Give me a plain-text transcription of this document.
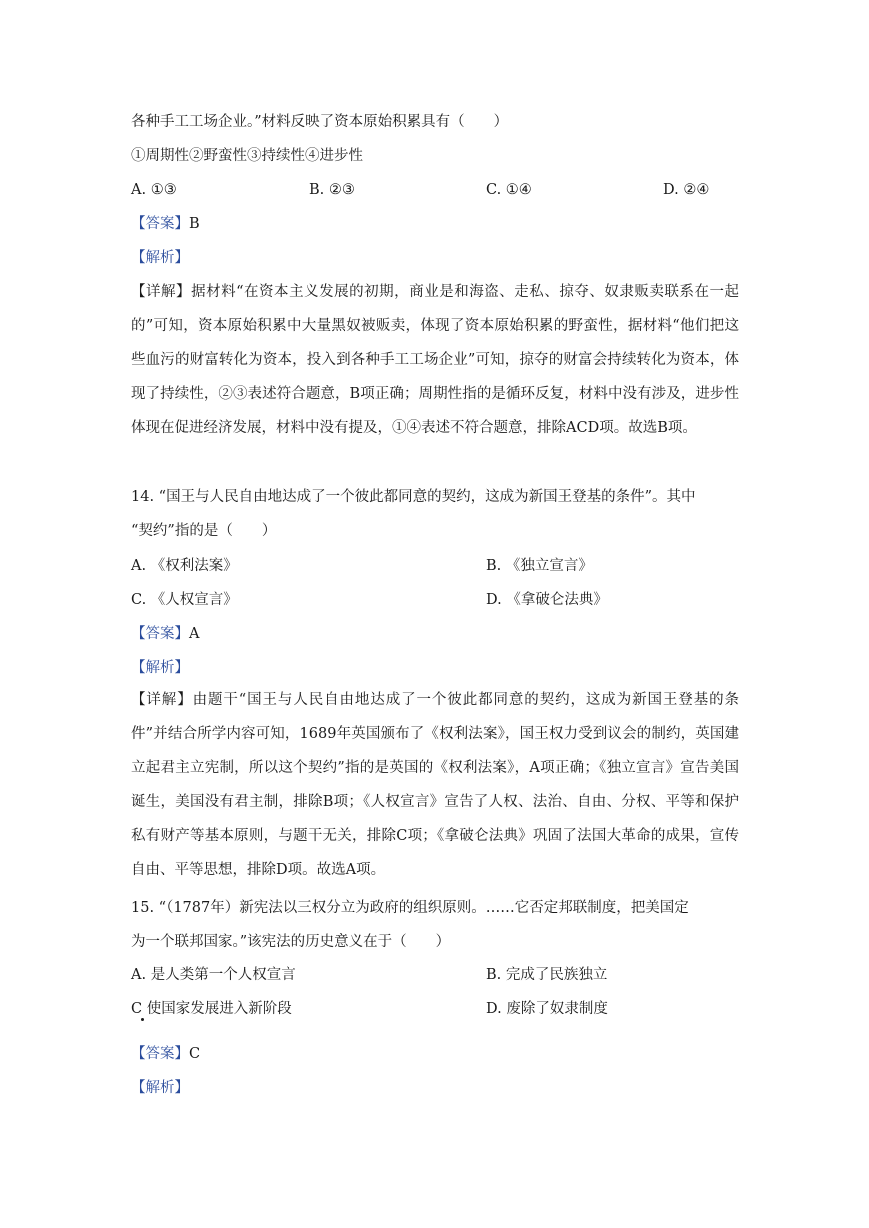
各种手工工场企业。”材料反映了资本原始积累具有（　　）
①周期性②野蛮性③持续性④进步性
A. ①③	B. ②③	C. ①④	D. ②④
【答案】B
【解析】
【详解】据材料“在资本主义发展的初期，商业是和海盗、走私、掠夺、奴隶贩卖联系在一起的”可知，资本原始积累中大量黑奴被贩卖，体现了资本原始积累的野蛮性，据材料“他们把这些血污的财富转化为资本，投入到各种手工工场企业”可知，掠夺的财富会持续转化为资本，体现了持续性，②③表述符合题意，B项正确；周期性指的是循环反复，材料中没有涉及，进步性体现在促进经济发展，材料中没有提及，①④表述不符合题意，排除ACD项。故选B项。
14. “国王与人民自由地达成了一个彼此都同意的契约，这成为新国王登基的条件”。其中
“契约”指的是（　　）
A. 《权利法案》	B. 《独立宣言》
C. 《人权宣言》	D. 《拿破仑法典》
【答案】A
【解析】
【详解】由题干“国王与人民自由地达成了一个彼此都同意的契约，这成为新国王登基的条件”并结合所学内容可知，1689年英国颁布了《权利法案》，国王权力受到议会的制约，英国建立起君主立宪制，所以这个契约”指的是英国的《权利法案》，A项正确；《独立宣言》宣告美国诞生，美国没有君主制，排除B项；《人权宣言》宣告了人权、法治、自由、分权、平等和保护私有财产等基本原则，与题干无关，排除C项；《拿破仑法典》巩固了法国大革命的成果，宣传自由、平等思想，排除D项。故选A项。
15. “（1787年）新宪法以三权分立为政府的组织原则。……它否定邦联制度，把美国定
为一个联邦国家。”该宪法的历史意义在于（　　）
A. 是人类第一个人权宣言	B. 完成了民族独立
C 使国家发展进入新阶段	D. 废除了奴隶制度
【答案】C
【解析】
